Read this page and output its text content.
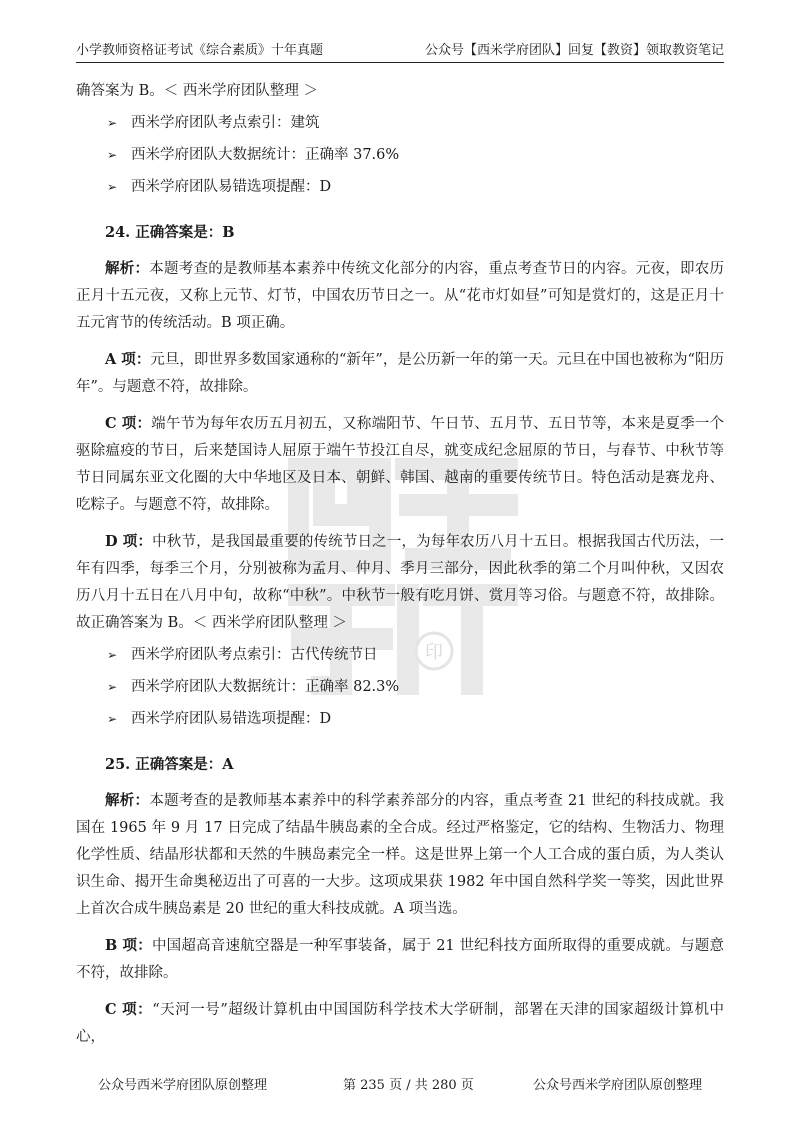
小学教师资格证考试《综合素质》十年真题	公众号【西米学府团队】回复【教资】领取教资笔记
印

确答案为 B。＜ 西米学府团队整理 ＞

➢ 西米学府团队考点索引：建筑

➢ 西米学府团队大数据统计：正确率 37.6%

➢ 西米学府团队易错选项提醒：D

24. 正确答案是：B

解析：本题考查的是教师基本素养中传统文化部分的内容，重点考查节日的内容。元夜，即农历正月十五元夜，又称上元节、灯节，中国农历节日之一。从“花市灯如昼”可知是赏灯的，这是正月十五元宵节的传统活动。B 项正确。

A 项：元旦，即世界多数国家通称的“新年”，是公历新一年的第一天。元旦在中国也被称为“阳历年”。与题意不符，故排除。

C 项：端午节为每年农历五月初五，又称端阳节、午日节、五月节、五日节等，本来是夏季一个驱除瘟疫的节日，后来楚国诗人屈原于端午节投江自尽，就变成纪念屈原的节日，与春节、中秋节等节日同属东亚文化圈的大中华地区及日本、朝鲜、韩国、越南的重要传统节日。特色活动是赛龙舟、吃粽子。与题意不符，故排除。

D 项：中秋节，是我国最重要的传统节日之一，为每年农历八月十五日。根据我国古代历法，一年有四季，每季三个月，分别被称为孟月、仲月、季月三部分，因此秋季的第二个月叫仲秋，又因农历八月十五日在八月中旬，故称“中秋”。中秋节一般有吃月饼、赏月等习俗。与题意不符，故排除。故正确答案为 B。＜ 西米学府团队整理 ＞

➢ 西米学府团队考点索引：古代传统节日

➢ 西米学府团队大数据统计：正确率 82.3%

➢ 西米学府团队易错选项提醒：D

25. 正确答案是：A

解析：本题考查的是教师基本素养中的科学素养部分的内容，重点考查 21 世纪的科技成就。我国在 1965 年 9 月 17 日完成了结晶牛胰岛素的全合成。经过严格鉴定，它的结构、生物活力、物理化学性质、结晶形状都和天然的牛胰岛素完全一样。这是世界上第一个人工合成的蛋白质，为人类认识生命、揭开生命奥秘迈出了可喜的一大步。这项成果获 1982 年中国自然科学奖一等奖，因此世界上首次合成牛胰岛素是 20 世纪的重大科技成就。A 项当选。

B 项：中国超高音速航空器是一种军事装备，属于 21 世纪科技方面所取得的重要成就。与题意不符，故排除。

C 项：“天河一号”超级计算机由中国国防科学技术大学研制，部署在天津的国家超级计算机中心，

公众号西米学府团队原创整理	第 235 页 / 共 280 页	公众号西米学府团队原创整理
